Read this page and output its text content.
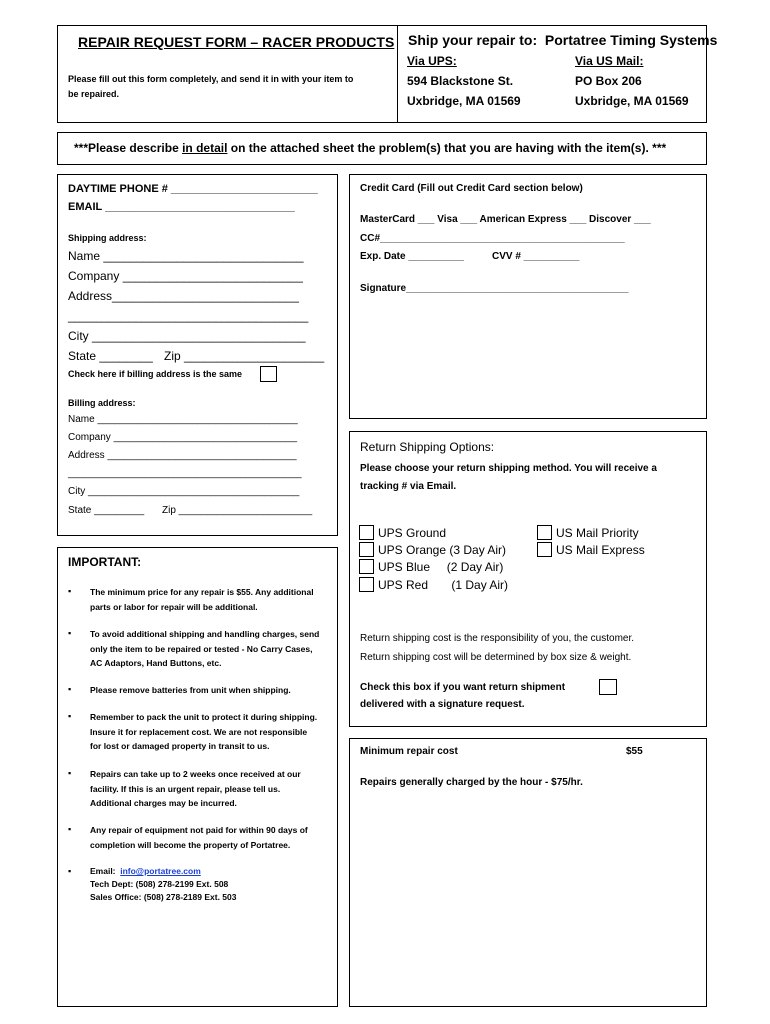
REPAIR REQUEST FORM – RACER PRODUCTS
Please fill out this form completely, and send it in with your item to
be repaired.
Ship your repair to: Portatree Timing Systems
Via UPS:
594 Blackstone St.
Uxbridge, MA 01569
Via US Mail:
PO Box 206
Uxbridge, MA 01569
***Please describe in detail on the attached sheet the problem(s) that you are having with the item(s). ***
DAYTIME PHONE # ________________________
EMAIL _______________________________
Shipping address:
Name ______________________________
Company ___________________________
Address____________________________
____________________________________
City ________________________________
State ________ Zip _____________________
Check here if billing address is the same
Billing address:
Name ____________________________________
Company _________________________________
Address __________________________________
__________________________________________
City ______________________________________
State _________ Zip ________________________
Credit Card (Fill out Credit Card section below)
MasterCard ___ Visa ___ American Express ___ Discover ___
CC#____________________________________________
Exp. Date __________	CVV # __________
Signature________________________________________
Return Shipping Options:
Please choose your return shipping method. You will receive a
tracking # via Email.
UPS Ground
UPS Orange (3 Day Air)
UPS Blue     (2 Day Air)
UPS Red       (1 Day Air)
US Mail Priority
US Mail Express
Return shipping cost is the responsibility of you, the customer.
Return shipping cost will be determined by box size & weight.
Check this box if you want return shipment
delivered with a signature request.
IMPORTANT:
▪ The minimum price for any repair is $55. Any additional
parts or labor for repair will be additional.
▪ To avoid additional shipping and handling charges, send
only the item to be repaired or tested - No Carry Cases,
AC Adaptors, Hand Buttons, etc.
▪ Please remove batteries from unit when shipping.
▪ Remember to pack the unit to protect it during shipping.
Insure it for replacement cost. We are not responsible
for lost or damaged property in transit to us.
▪ Repairs can take up to 2 weeks once received at our
facility. If this is an urgent repair, please tell us.
Additional charges may be incurred.
▪ Any repair of equipment not paid for within 90 days of
completion will become the property of Portatree.
▪ Email:  info@portatree.com
Tech Dept: (508) 278-2199 Ext. 508
Sales Office: (508) 278-2189 Ext. 503
Minimum repair cost	$55
Repairs generally charged by the hour - $75/hr.
